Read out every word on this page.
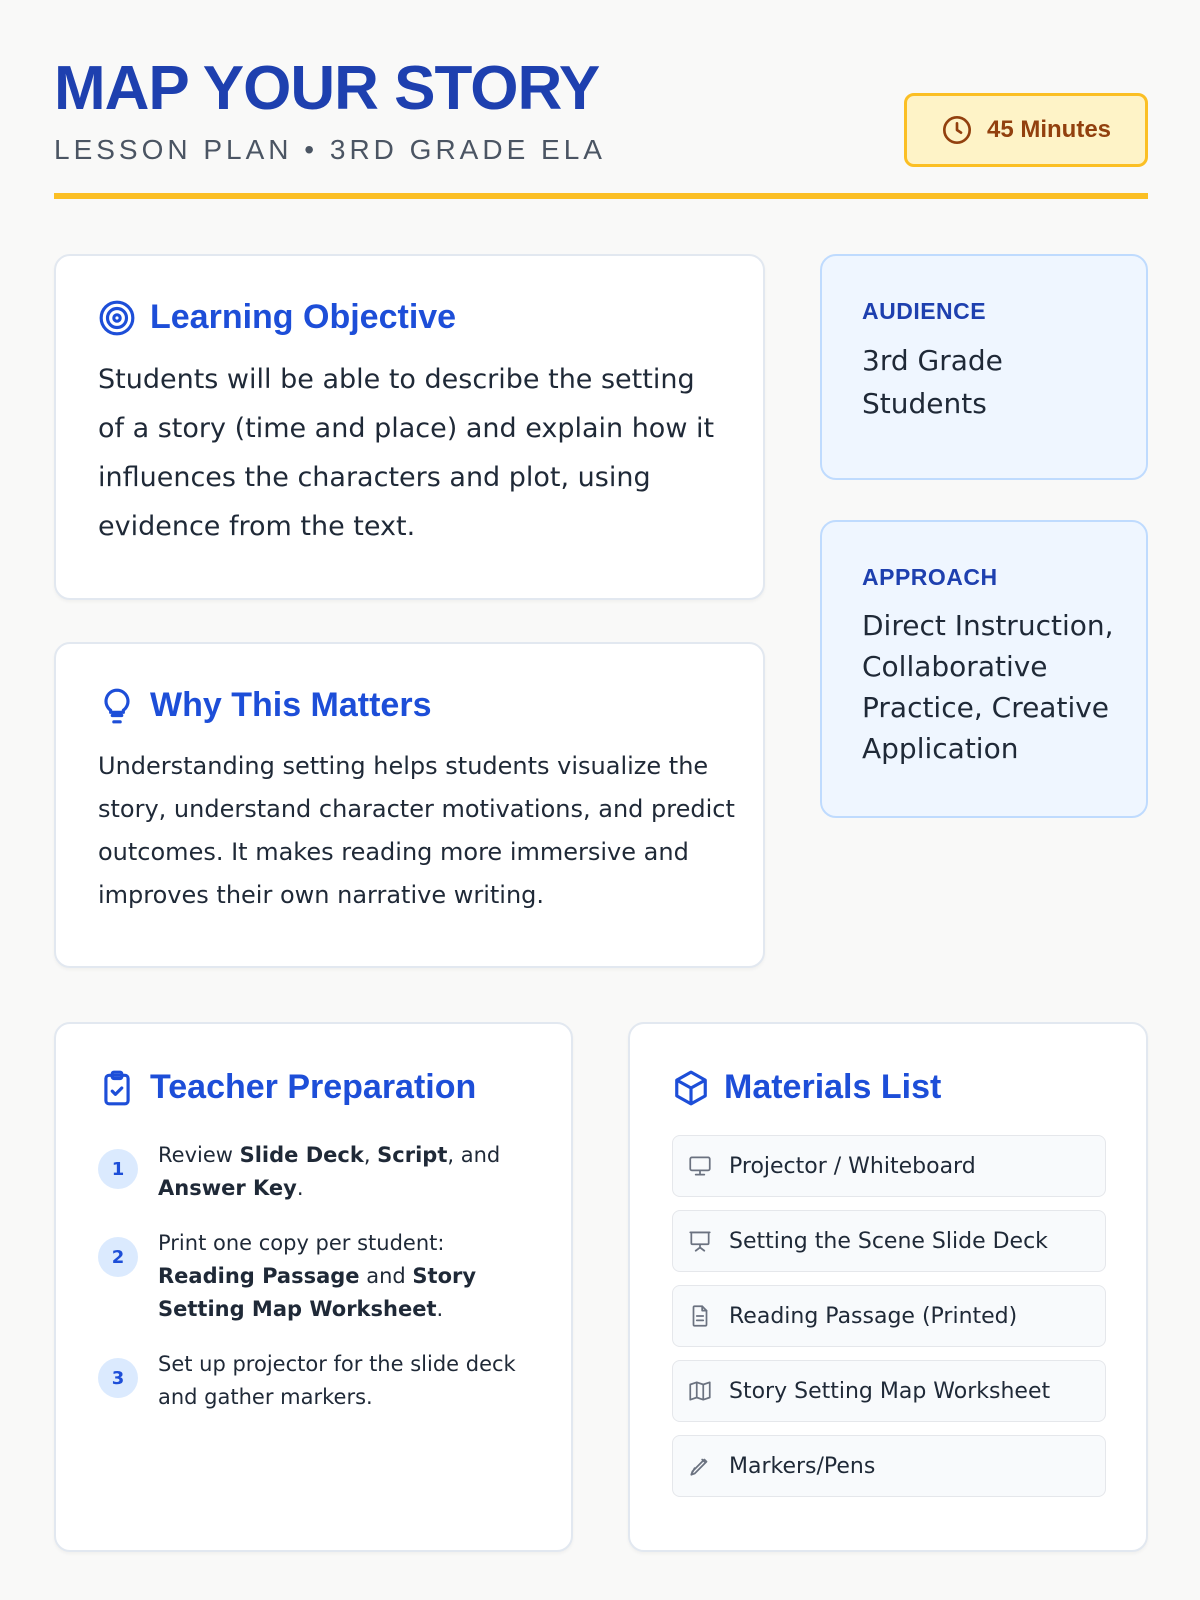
MAP YOUR STORY
LESSON PLAN • 3RD GRADE ELA
45 Minutes
Learning Objective

Students will be able to describe the setting of a story (time and place) and explain how it influences the characters and plot, using evidence from the text.

Why This Matters

Understanding setting helps students visualize the story, understand character motivations, and predict outcomes. It makes reading more immersive and improves their own narrative writing.

AUDIENCE
3rd Grade Students
APPROACH
Direct Instruction, Collaborative Practice, Creative Application
Teacher Preparation
1
Review Slide Deck, Script, and Answer Key.
2
Print one copy per student: Reading Passage and Story Setting Map Worksheet.
3
Set up projector for the slide deck and gather markers.
Materials List
Projector / Whiteboard
Setting the Scene Slide Deck
Reading Passage (Printed)
Story Setting Map Worksheet
Markers/Pens
